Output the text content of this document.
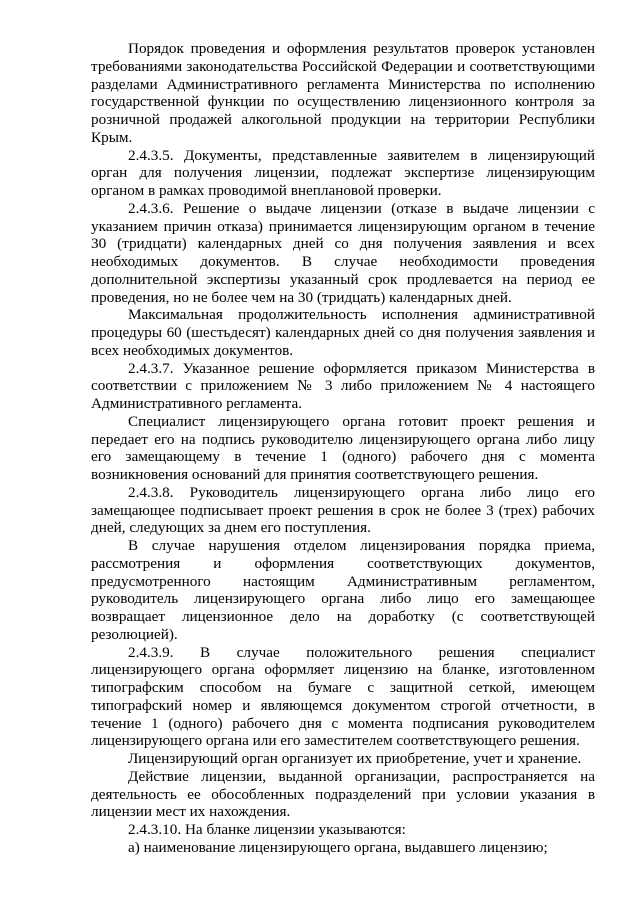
Порядок проведения и оформления результатов проверок установлен требованиями законодательства Российской Федерации и соответствующими разделами Административного регламента Министерства по исполнению государственной функции по осуществлению лицензионного контроля за розничной продажей алкогольной продукции на территории Республики Крым.

2.4.3.5. Документы, представленные заявителем в лицензирующий орган для получения лицензии, подлежат экспертизе лицензирующим органом в рамках проводимой внеплановой проверки.

2.4.3.6. Решение о выдаче лицензии (отказе в выдаче лицензии с указанием причин отказа) принимается лицензирующим органом в течение 30 (тридцати) календарных дней со дня получения заявления и всех необходимых документов. В случае необходимости проведения дополнительной экспертизы указанный срок продлевается на период ее проведения, но не более чем на 30 (тридцать) календарных дней.

Максимальная продолжительность исполнения административной процедуры 60 (шестьдесят) календарных дней со дня получения заявления и всех необходимых документов.

2.4.3.7. Указанное решение оформляется приказом Министерства в соответствии с приложением № 3 либо приложением № 4 настоящего Административного регламента.

Специалист лицензирующего органа готовит проект решения и передает его на подпись руководителю лицензирующего органа либо лицу его замещающему в течение 1 (одного) рабочего дня с момента возникновения оснований для принятия соответствующего решения.

2.4.3.8. Руководитель лицензирующего органа либо лицо его замещающее подписывает проект решения в срок не более 3 (трех) рабочих дней, следующих за днем его поступления.

В случае нарушения отделом лицензирования порядка приема, рассмотрения и оформления соответствующих документов, предусмотренного настоящим Административным регламентом, руководитель лицензирующего органа либо лицо его замещающее возвращает лицензионное дело на доработку (с соответствующей резолюцией).

2.4.3.9. В случае положительного решения специалист лицензирующего органа оформляет лицензию на бланке, изготовленном типографским способом на бумаге с защитной сеткой, имеющем типографский номер и являющемся документом строгой отчетности, в течение 1 (одного) рабочего дня с момента подписания руководителем лицензирующего органа или его заместителем соответствующего решения.

Лицензирующий орган организует их приобретение, учет и хранение.

Действие лицензии, выданной организации, распространяется на деятельность ее обособленных подразделений при условии указания в лицензии мест их нахождения.

2.4.3.10. На бланке лицензии указываются:

а) наименование лицензирующего органа, выдавшего лицензию;
